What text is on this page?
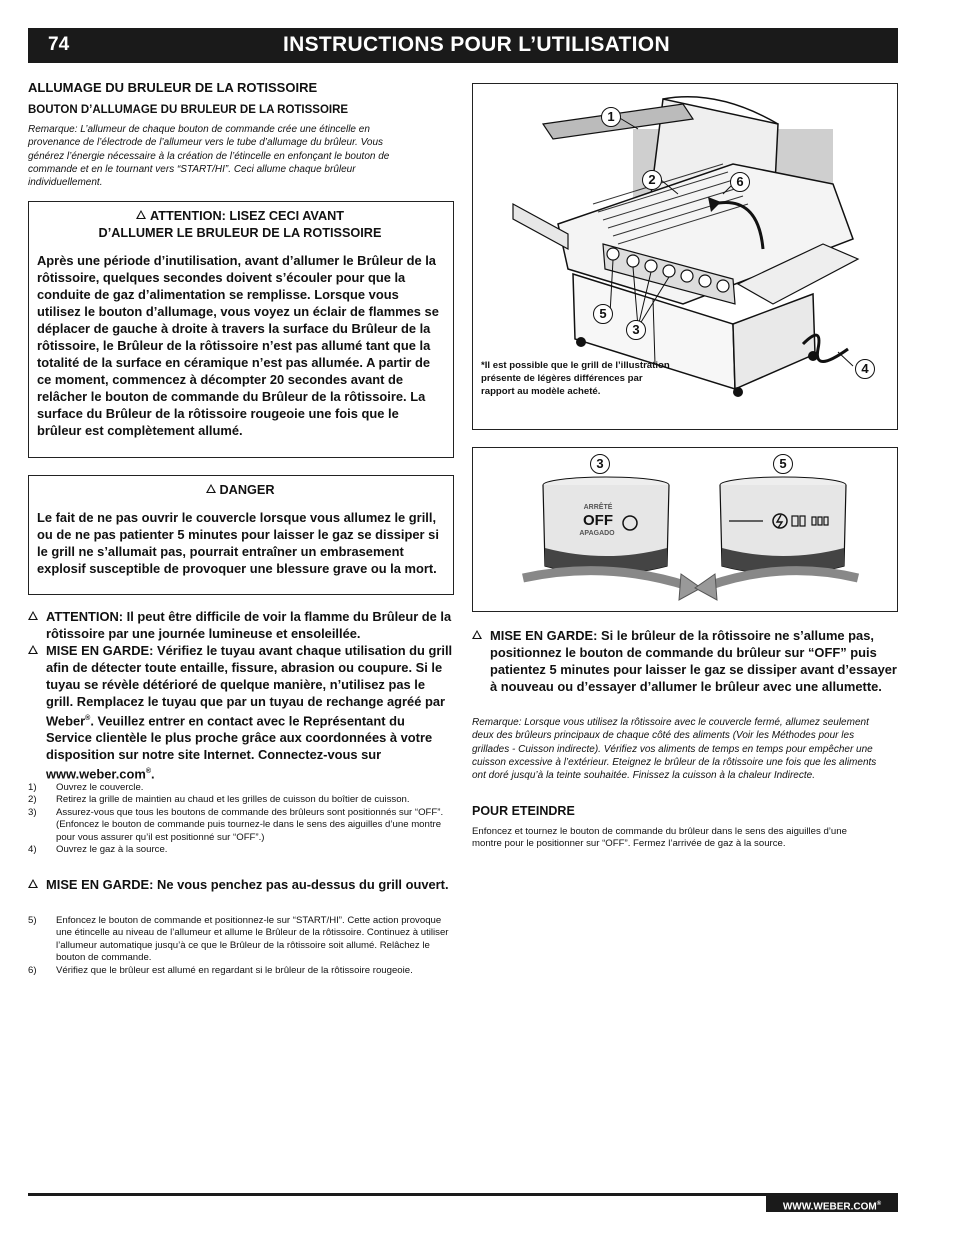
74	INSTRUCTIONS POUR L’UTILISATION
ALLUMAGE DU BRULEUR DE LA ROTISSOIRE
BOUTON D’ALLUMAGE DU BRULEUR DE LA ROTISSOIRE
Remarque: L’allumeur de chaque bouton de commande crée une étincelle en provenance de l’électrode de l’allumeur vers le tube d’allumage du brûleur. Vous générez l’énergie nécessaire à la création de l’étincelle en enfonçant le bouton de commande et en le tournant vers “START/HI”. Ceci allume chaque brûleur individuellement.
ATTENTION: LISEZ CECI AVANT
D’ALLUMER LE BRULEUR DE LA ROTISSOIRE
Après une période d’inutilisation, avant d’allumer le Brûleur de la rôtissoire, quelques secondes doivent s’écouler pour que la conduite de gaz d’alimentation se remplisse. Lorsque vous utilisez le bouton d’allumage, vous voyez un éclair de flammes se déplacer de gauche à droite à travers la surface du Brûleur de la rôtissoire, le Brûleur de la rôtissoire n’est pas allumé tant que la totalité de la surface en céramique n’est pas allumée. A partir de ce moment, commencez à décompter 20 secondes avant de relâcher le bouton de commande du Brûleur de la rôtissoire. La surface du Brûleur de la rôtissoire rougeoie une fois que le brûleur est complètement allumé.
DANGER
Le fait de ne pas ouvrir le couvercle lorsque vous allumez le grill, ou de ne pas patienter 5 minutes pour laisser le gaz se dissiper si le grill ne s’allumait pas, pourrait entraîner un embrasement explosif susceptible de provoquer une blessure grave ou la mort.
ATTENTION: Il peut être difficile de voir la flamme du Brûleur de la rôtissoire par une journée lumineuse et ensoleillée.
MISE EN GARDE: Vérifiez le tuyau avant chaque utilisation du grill afin de détecter toute entaille, fissure, abrasion ou coupure. Si le tuyau se révèle détérioré de quelque manière, n’utilisez pas le grill. Remplacez le tuyau que par un tuyau de rechange agréé par Weber®. Veuillez entrer en contact avec le Représentant du Service clientèle le plus proche grâce aux coordonnées à votre disposition sur notre site Internet. Connectez-vous sur www.weber.com®.
1) Ouvrez le couvercle.
2) Retirez la grille de maintien au chaud et les grilles de cuisson du boîtier de cuisson.
3) Assurez-vous que tous les boutons de commande des brûleurs sont positionnés sur “OFF”. (Enfoncez le bouton de commande puis tournez-le dans le sens des aiguilles d’une montre pour vous assurer qu’il est positionné sur “OFF”.)
4) Ouvrez le gaz à la source.
MISE EN GARDE: Ne vous penchez pas au-dessus du grill ouvert.
5) Enfoncez le bouton de commande et positionnez-le sur “START/HI”. Cette action provoque une étincelle au niveau de l’allumeur et allume le Brûleur de la rôtissoire. Continuez à utiliser l’allumeur automatique jusqu’à ce que le Brûleur de la rôtissoire soit allumé. Relâchez le bouton de commande.
6) Vérifiez que le brûleur est allumé en regardant si le brûleur de la rôtissoire rougeoie.
1
2	6
5
3
4
*Il est possible que le grill de l’illustration présente de légères différences par rapport au modèle acheté.
3	5
ARRÊTÉ
OFF
APAGADO
MISE EN GARDE: Si le brûleur de la rôtissoire ne s’allume pas, positionnez le bouton de commande du brûleur sur “OFF” puis patientez 5 minutes pour laisser le gaz se dissiper avant d’essayer à nouveau ou d’essayer d’allumer le brûleur avec une allumette.
Remarque: Lorsque vous utilisez la rôtissoire avec le couvercle fermé, allumez seulement deux des brûleurs principaux de chaque côté des aliments (Voir les Méthodes pour les grillades - Cuisson indirecte). Vérifiez vos aliments de temps en temps pour empêcher une cuisson excessive à l’extérieur. Eteignez le brûleur de la rôtissoire une fois que les aliments ont doré jusqu’à la teinte souhaitée. Finissez la cuisson à la chaleur Indirecte.
POUR ETEINDRE
Enfoncez et tournez le bouton de commande du brûleur dans le sens des aiguilles d’une montre pour le positionner sur “OFF”. Fermez l’arrivée de gaz à la source.
WWW.WEBER.COM®
